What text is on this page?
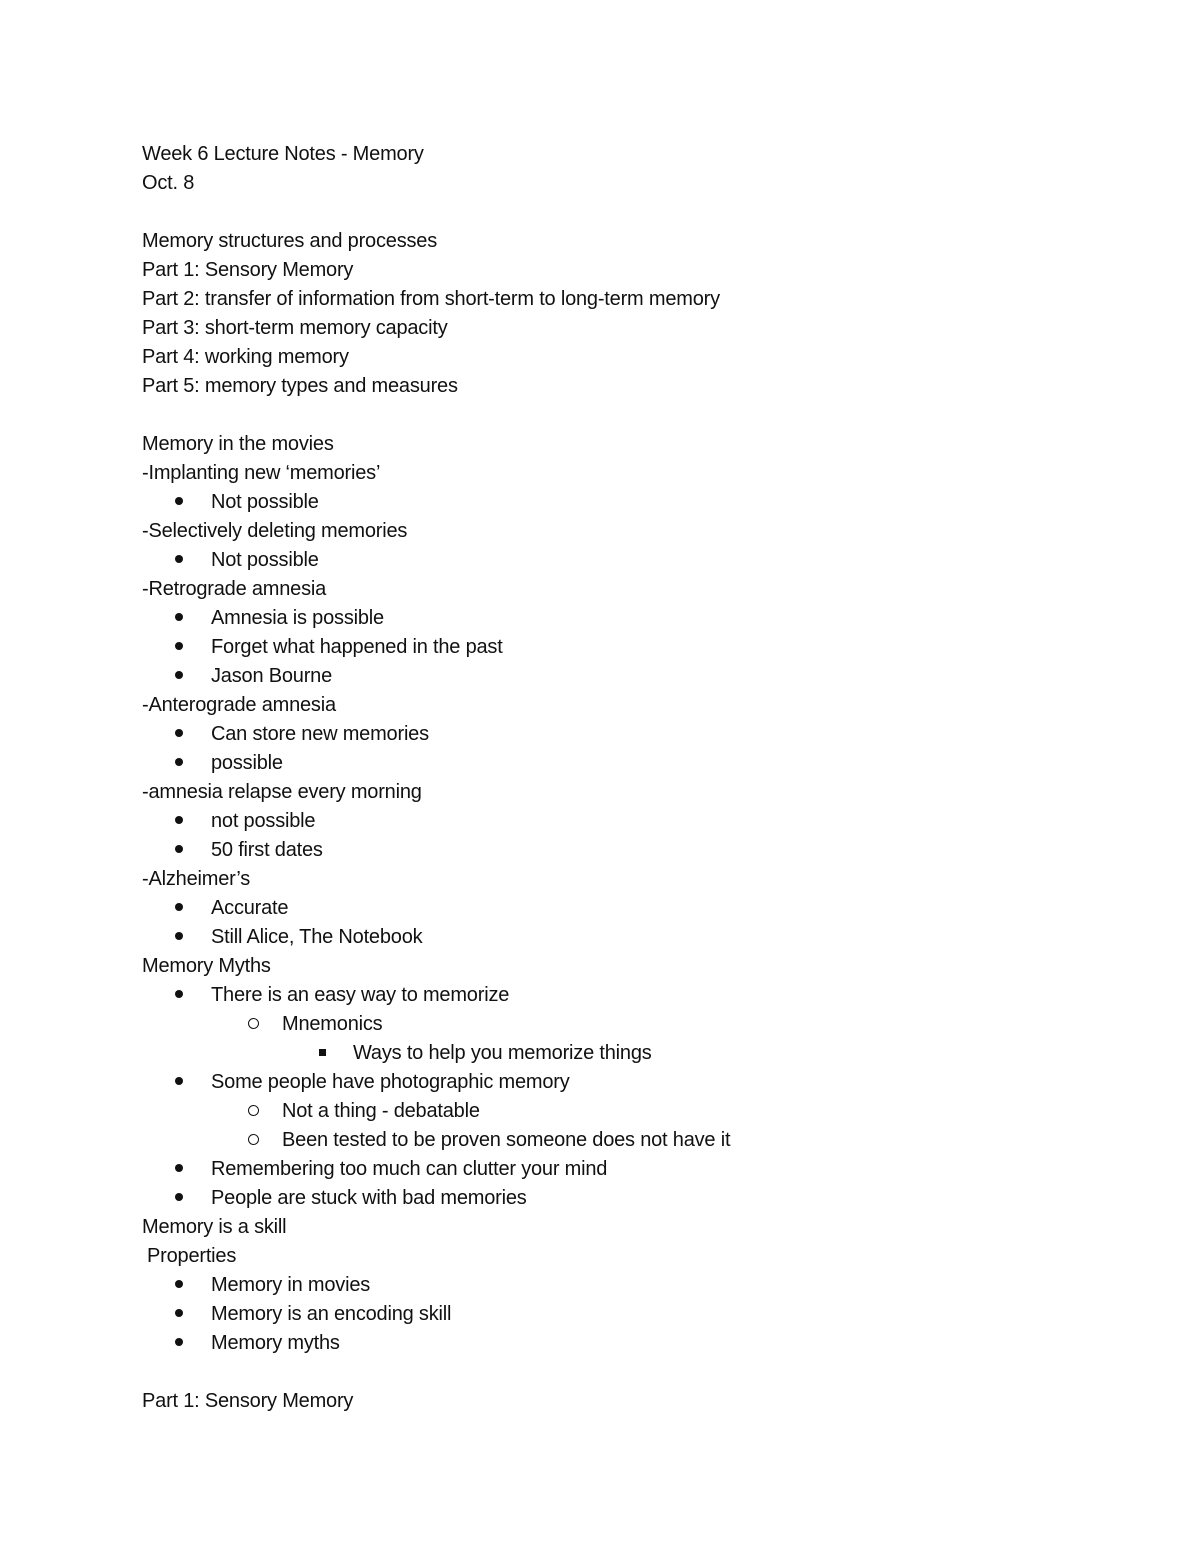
Week 6 Lecture Notes - Memory
Oct. 8
Memory structures and processes
Part 1: Sensory Memory
Part 2: transfer of information from short-term to long-term memory
Part 3: short-term memory capacity
Part 4: working memory
Part 5: memory types and measures
Memory in the movies
-Implanting new ‘memories’
Not possible
-Selectively deleting memories
Not possible
-Retrograde amnesia
Amnesia is possible
Forget what happened in the past
Jason Bourne
-Anterograde amnesia
Can store new memories
possible
-amnesia relapse every morning
not possible
50 first dates
-Alzheimer’s
Accurate
Still Alice, The Notebook
Memory Myths
There is an easy way to memorize
Mnemonics
Ways to help you memorize things
Some people have photographic memory
Not a thing - debatable
Been tested to be proven someone does not have it
Remembering too much can clutter your mind
People are stuck with bad memories
Memory is a skill
Properties
Memory in movies
Memory is an encoding skill
Memory myths
Part 1: Sensory Memory
